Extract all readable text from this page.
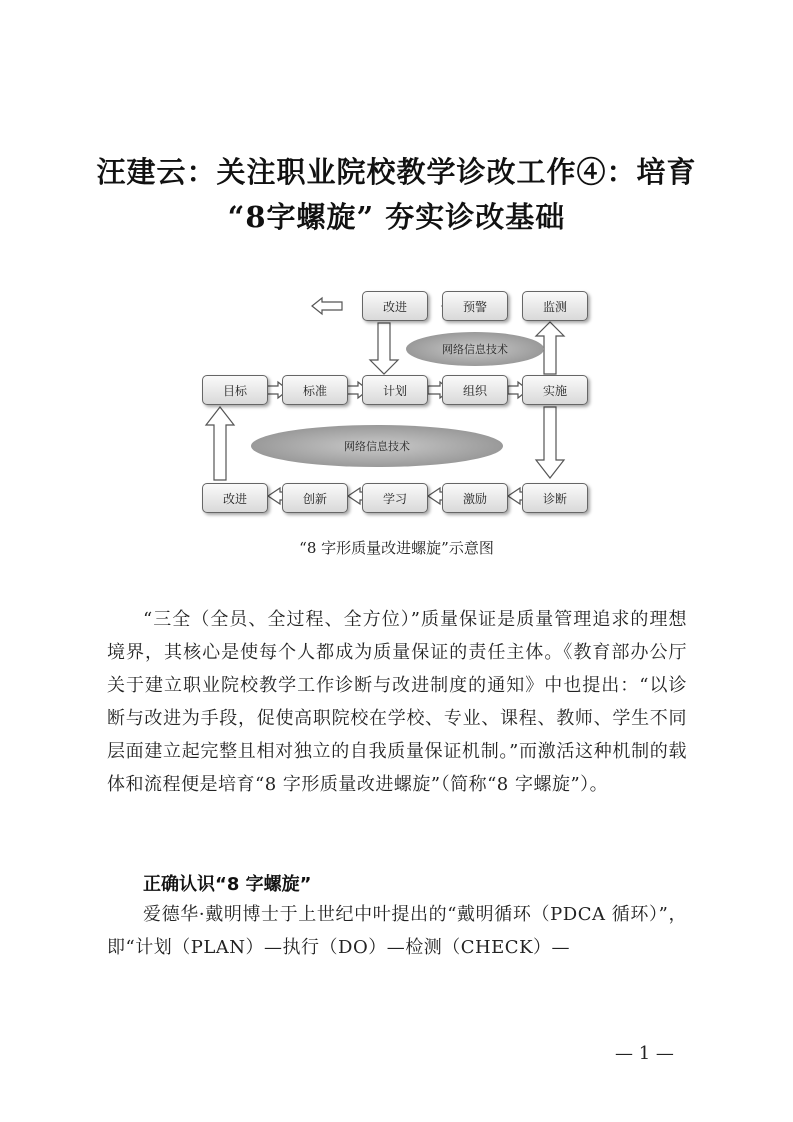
汪建云：关注职业院校教学诊改工作④：培育
“8字螺旋” 夯实诊改基础
改进	预警	监测
网络信息技术
目标	标准	计划	组织	实施
网络信息技术
改进	创新	学习	激励	诊断
“8 字形质量改进螺旋”示意图

“三全（全员、全过程、全方位）”质量保证是质量管理追求的理想境界，其核心是使每个人都成为质量保证的责任主体。《教育部办公厅关于建立职业院校教学工作诊断与改进制度的通知》中也提出：“以诊断与改进为手段，促使高职院校在学校、专业、课程、教师、学生不同层面建立起完整且相对独立的自我质量保证机制。”而激活这种机制的载体和流程便是培育“8 字形质量改进螺旋”（简称“8 字螺旋”）。

正确认识“8 字螺旋”

爱德华·戴明博士于上世纪中叶提出的“戴明循环（PDCA 循环）”，即“计划（PLAN）—执行（DO）—检测（CHECK）—

— 1 —
